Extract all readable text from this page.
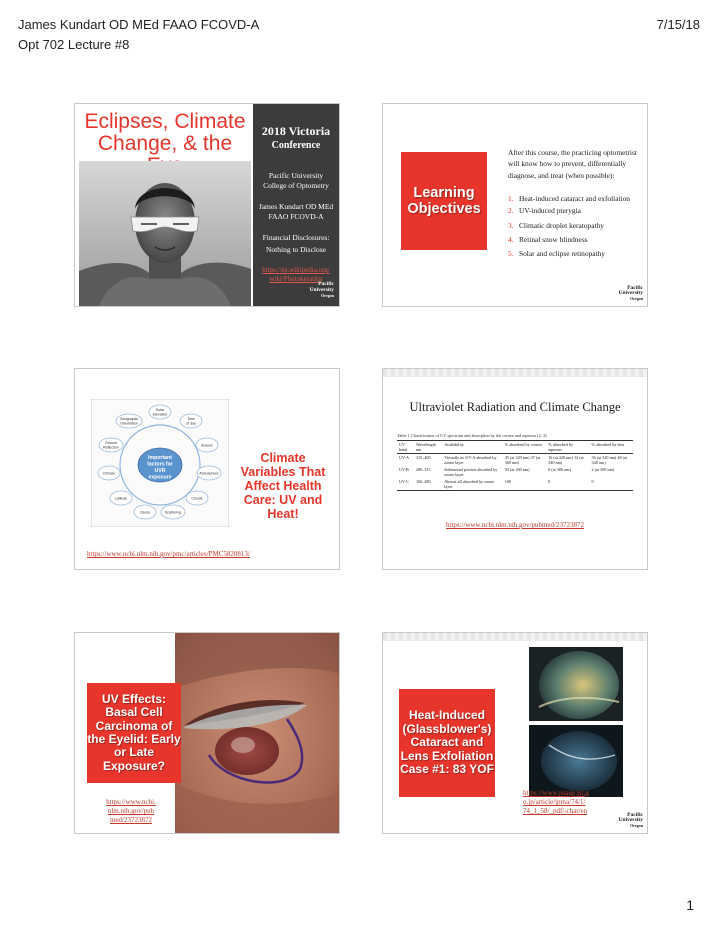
James Kundart OD MEd FAAO FCOVD-A	7/15/18
Opt 702 Lecture #8
Eclipses, Climate Change, & the
2018 Victoria
Conference
Pacific University College of Optometry
James Kundart OD MEd FAAO FCOVD-A
Financial Disclosures:
Nothing to Disclose
https://es.wikipedia.org/ wiki/Photokeratitis
Learning Objectives
After this course, the practicing optometrist will know how to prevent, differentially diagnose, and treat (when possible):
1. Heat-induced cataract and exfoliation
2. UV-induced pterygia
3. Climatic droplet keratopathy
4. Retinal snow blindness
5. Solar and eclipse retinopathy
Pacific
University
Oregon
Pacific
University
Oregon
Important
factors for
UVR
exposure
Solar
Elevation
Time
of day
Season
Atmosphere
Clouds
Scattering
Ozone
Latitude
Climate
Ground
Reflection
Geographic
Orientation
Climate Variables That Affect Health Care: UV and Heat!
https://www.ncbi.nlm.nih.gov/pmc/articles/PMC5820813/
Ultraviolet Radiation and Climate Change
Table 1 Classification of UV spectrum and absorption by the cornea and aqueous [2, 3]
UV band	Wavelength nm	Availability	% absorbed by cornea	% absorbed by aqueous	% absorbed by lens
UV-A	315–400	Virtually no UV-A absorbed by ozone layer	45 (at 320 nm) 37 (at 360 nm)	16 (at 320 nm) 14 (at 340 nm)	36 (at 320 nm) 48 (at 340 nm)
UV-B	280–315	Substantial portion absorbed by ozone layer	92 (at 300 nm)	6 (at 300 nm)	2 (at 300 nm)
UV-C	100–280	Almost all absorbed by ozone layer	100	0	0
https://www.ncbi.nlm.nih.gov/pubmed/23723872
UV Effects: Basal Cell Carcinoma of the Eyelid: Early or Late Exposure?
https://www.ncbi. nlm.nih.gov/pub med/23723872
Heat-Induced (Glassblower's) Cataract and Lens Exfoliation Case #1: 83 YOF
https://www.jstage.jst.g o.jp/article/jpma/74/1/ 74_1_58/_pdf/-char/en	Pacific
University
Oregon
1
